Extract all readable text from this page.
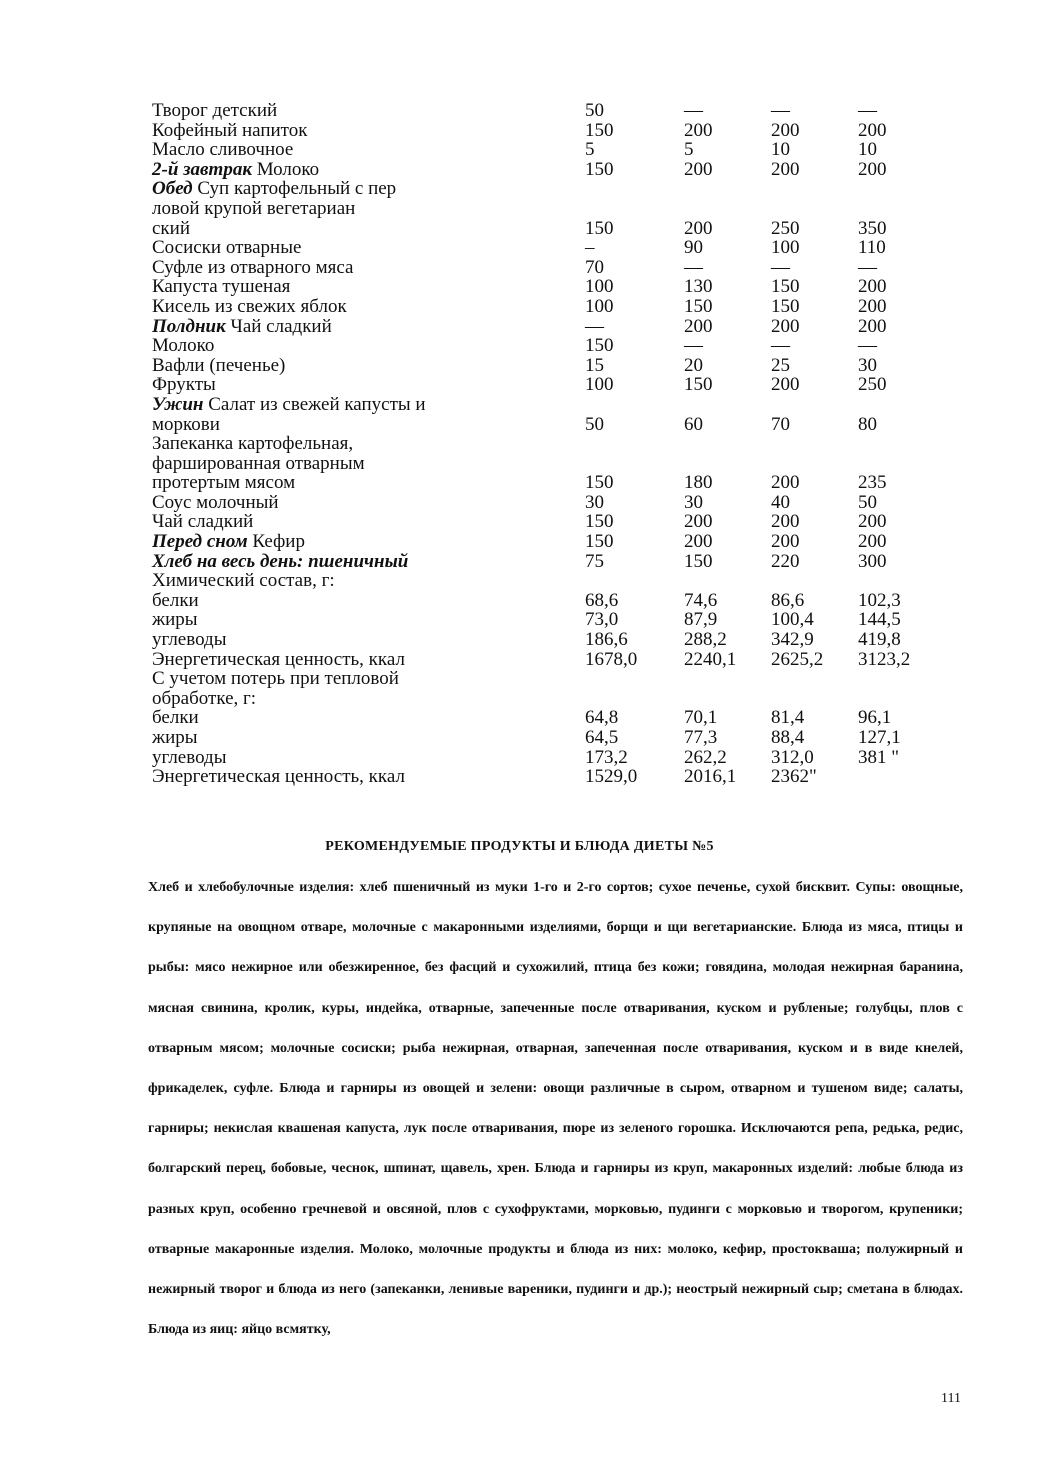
Творог детский	50	—	—	—
Кофейный напиток	150	200	200	200
Масло сливочное	5	5	10	10
2-й завтрак Молоко	150	200	200	200
Обед Суп картофельный с пер				
ловой крупой вегетариан				
ский	150	200	250	350
Сосиски отварные	–	90	100	110
Суфле из отварного мяса	70	—	—	—
Капуста тушеная	100	130	150	200
Кисель из свежих яблок	100	150	150	200
Полдник Чай сладкий	—	200	200	200
Молоко	150	—	—	—
Вафли (печенье)	15	20	25	30
Фрукты	100	150	200	250
Ужин Салат из свежей капусты и				
моркови	50	60	70	80
Запеканка картофельная,				
фаршированная отварным				
протертым мясом	150	180	200	235
Соус молочный	30	30	40	50
Чай сладкий	150	200	200	200
Перед сном Кефир	150	200	200	200
Хлеб на весь день: пшеничный	75	150	220	300
Химический состав, г:				
белки	68,6	74,6	86,6	102,3
жиры	73,0	87,9	100,4	144,5
углеводы	186,6	288,2	342,9	419,8
Энергетическая ценность, ккал	1678,0	2240,1	2625,2	3123,2
С учетом потерь при тепловой				
обработке, г:				
белки	64,8	70,1	81,4	96,1
жиры	64,5	77,3	88,4	127,1
углеводы	173,2	262,2	312,0	381 "
Энергетическая ценность, ккал	1529,0	2016,1	2362"	
РЕКОМЕНДУЕМЫЕ ПРОДУКТЫ И БЛЮДА ДИЕТЫ №5

Хлеб и хлебобулочные изделия: хлеб пшеничный из муки 1-го и 2-го сортов; сухое печенье, сухой бисквит. Супы: овощные, крупяные на овощном отваре, молочные с макаронными изделиями, борщи и щи вегетарианские. Блюда из мяса, птицы и рыбы: мясо нежирное или обезжиренное, без фасций и сухожилий, птица без кожи; говядина, молодая нежирная баранина, мясная свинина, кролик, куры, индейка, отварные, запеченные после отваривания, куском и рубленые; голубцы, плов с отварным мясом; молочные сосиски; рыба нежирная, отварная, запеченная после отваривания, куском и в виде кнелей, фрикаделек, суфле. Блюда и гарниры из овощей и зелени: овощи различные в сыром, отварном и тушеном виде; салаты, гарниры; некислая квашеная капуста, лук после отваривания, пюре из зеленого горошка. Исключаются репа, редька, редис, болгарский перец, бобовые, чеснок, шпинат, щавель, хрен. Блюда и гарниры из круп, макаронных изделий: любые блюда из разных круп, особенно гречневой и овсяной, плов с сухофруктами, морковью, пудинги с морковью и творогом, крупеники; отварные макаронные изделия. Молоко, молочные продукты и блюда из них: молоко, кефир, простокваша; полужирный и нежирный творог и блюда из него (запеканки, ленивые вареники, пудинги и др.); неострый нежирный сыр; сметана в блюдах. Блюда из яиц: яйцо всмятку,

111
